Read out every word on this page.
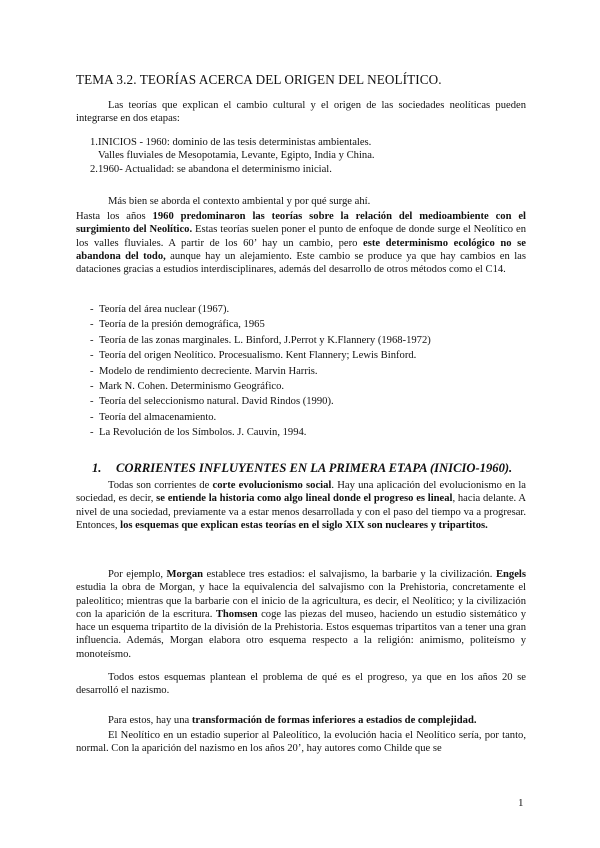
TEMA 3.2. TEORÍAS ACERCA DEL ORIGEN DEL NEOLÍTICO.

Las teorías que explican el cambio cultural y el origen de las sociedades neolíticas pueden integrarse en dos etapas:

1. INICIOS - 1960: dominio de las tesis deterministas ambientales.
Valles fluviales de Mesopotamia, Levante, Egipto, India y China.
2. 1960- Actualidad: se abandona el determinismo inicial.

Más bien se aborda el contexto ambiental y por qué surge ahí.

Hasta los años 1960 predominaron las teorías sobre la relación del medioambiente con el surgimiento del Neolítico. Estas teorías suelen poner el punto de enfoque de donde surge el Neolítico en los valles fluviales. A partir de los 60’ hay un cambio, pero este determinismo ecológico no se abandona del todo, aunque hay un alejamiento. Este cambio se produce ya que hay cambios en las dataciones gracias a estudios interdisciplinares, además del desarrollo de otros métodos como el C14.

- Teoría del área nuclear (1967).
- Teoría de la presión demográfica, 1965
- Teoría de las zonas marginales. L. Binford, J.Perrot y K.Flannery (1968-1972)
- Teoría del origen Neolítico. Procesualismo. Kent Flannery; Lewis Binford.
- Modelo de rendimiento decreciente. Marvin Harris.
- Mark N. Cohen. Determinismo Geográfico.
- Teoría del seleccionismo natural. David Rindos (1990).
- Teoría del almacenamiento.
- La Revolución de los Símbolos. J. Cauvin, 1994.
1. CORRIENTES INFLUYENTES EN LA PRIMERA ETAPA (INICIO-1960).

Todas son corrientes de corte evolucionismo social. Hay una aplicación del evolucionismo en la sociedad, es decir, se entiende la historia como algo lineal donde el progreso es lineal, hacia delante. A nivel de una sociedad, previamente va a estar menos desarrollada y con el paso del tiempo va a progresar. Entonces, los esquemas que explican estas teorías en el siglo XIX son nucleares y tripartitos.

Por ejemplo, Morgan establece tres estadios: el salvajismo, la barbarie y la civilización. Engels estudia la obra de Morgan, y hace la equivalencia del salvajismo con la Prehistoria, concretamente el paleolítico; mientras que la barbarie con el inicio de la agricultura, es decir, el Neolítico; y la civilización con la aparición de la escritura. Thomsen coge las piezas del museo, haciendo un estudio sistemático y hace un esquema tripartito de la división de la Prehistoria. Estos esquemas tripartitos van a tener una gran influencia. Además, Morgan elabora otro esquema respecto a la religión: animismo, politeísmo y monoteísmo.

Todos estos esquemas plantean el problema de qué es el progreso, ya que en los años 20 se desarrolló el nazismo.

Para estos, hay una transformación de formas inferiores a estadios de complejidad.

El Neolítico en un estadio superior al Paleolítico, la evolución hacia el Neolítico sería, por tanto, normal. Con la aparición del nazismo en los años 20’, hay autores como Childe que se

1
